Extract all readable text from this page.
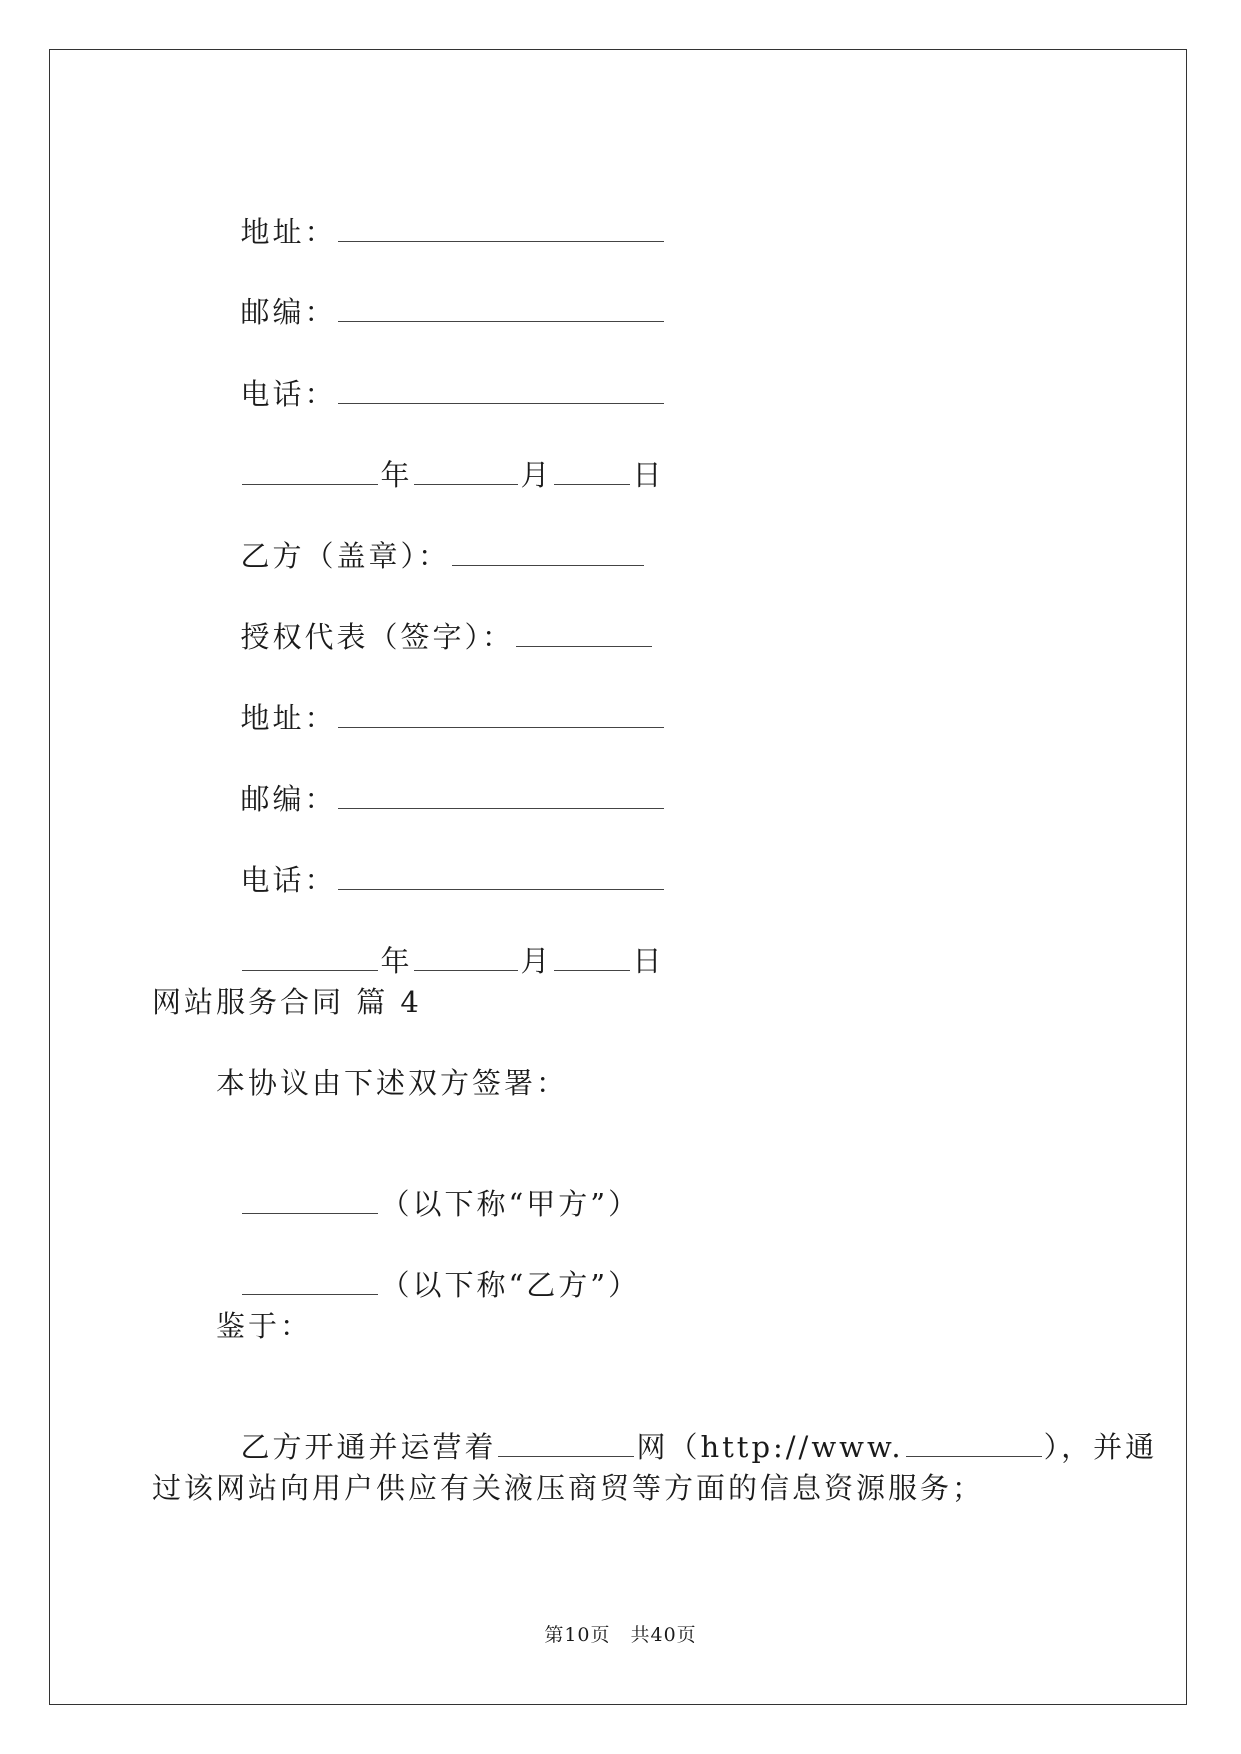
地址：

邮编：

电话：

年	月	日

乙方（盖章）：

授权代表（签字）：

地址：

邮编：

电话：

年	月	日

网站服务合同 篇 4
本协议由下述双方签署：

（以下称“甲方”）

（以下称“乙方”）

鉴于：

乙方开通并运营着	网（http://www.	），并通

过该网站向用户供应有关液压商贸等方面的信息资源服务；
第10页　共40页
